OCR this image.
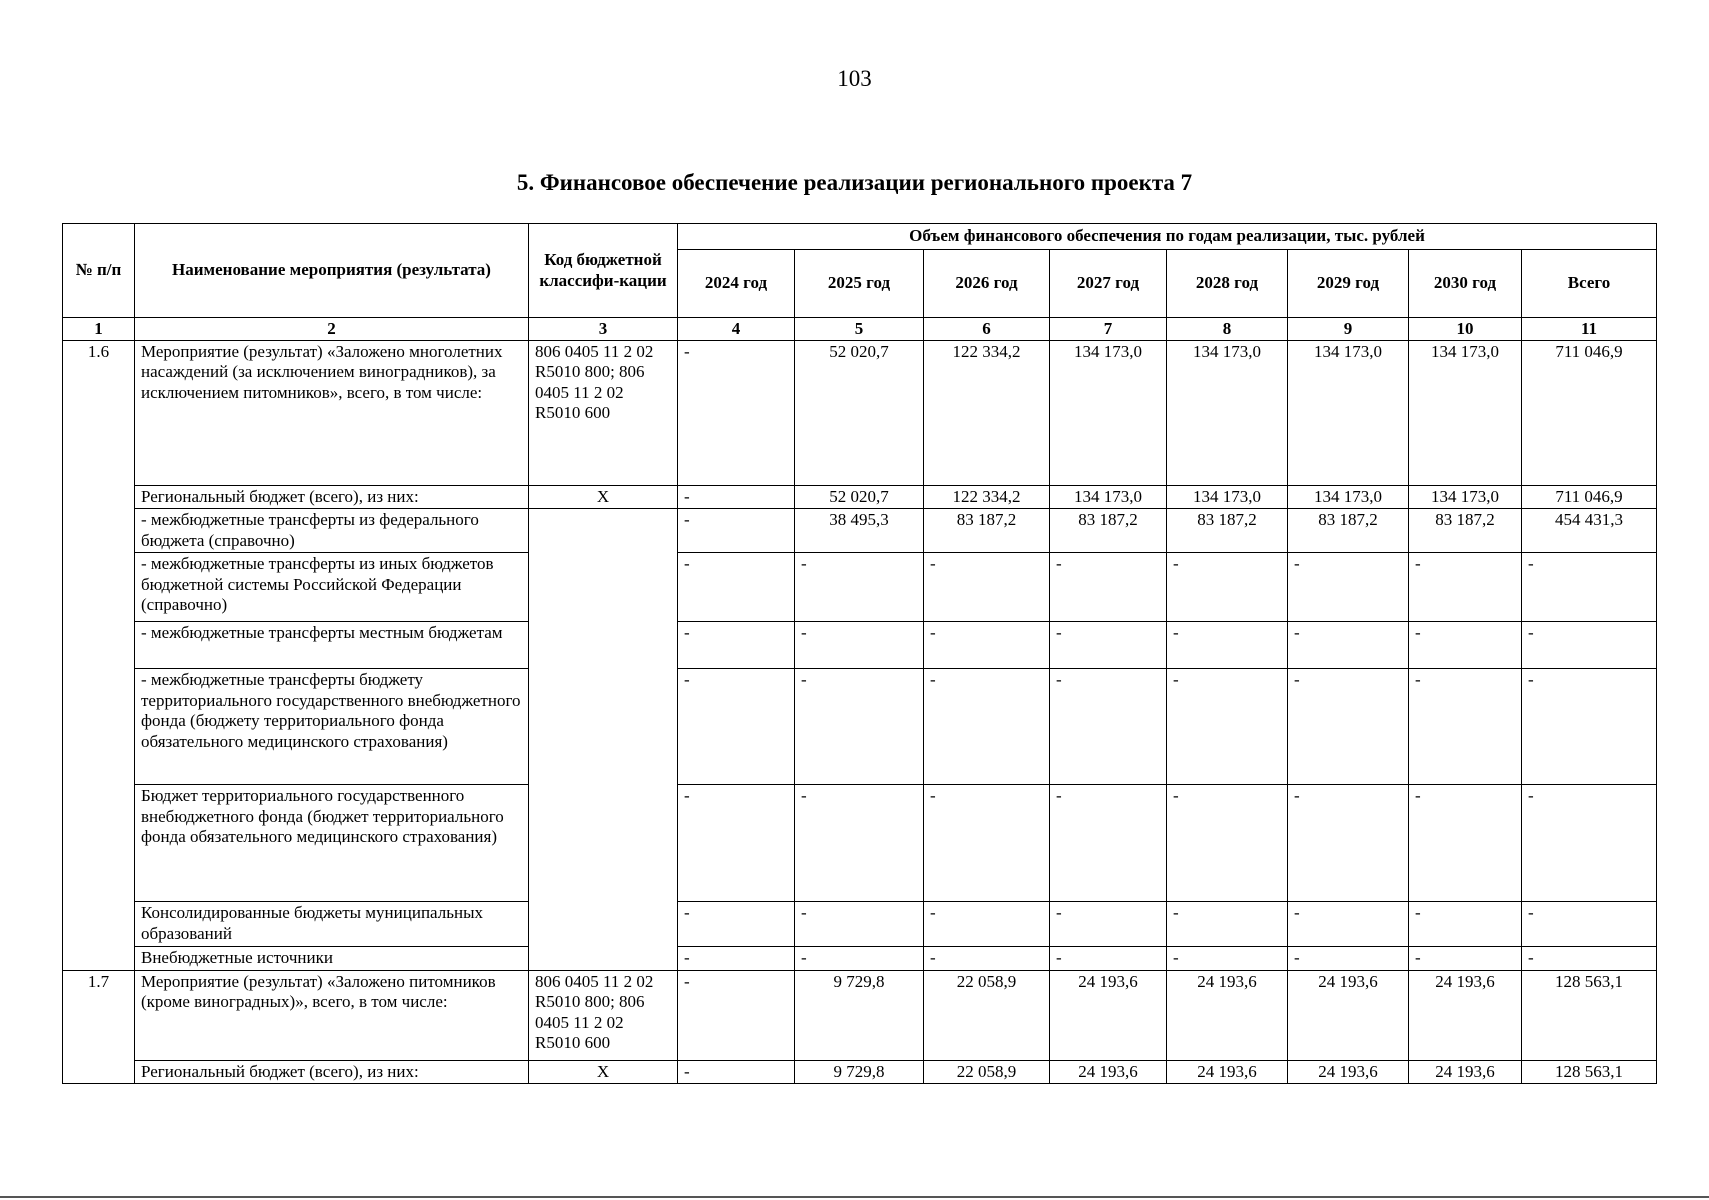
103
5. Финансовое обеспечение реализации регионального проекта 7
№ п/п	Наименование мероприятия (результата)	Код бюджетной классифи-кации	Объем финансового обеспечения по годам реализации, тыс. рублей							
			2024 год	2025 год	2026 год	2027 год	2028 год	2029 год	2030 год	Всего
1	2	3	4	5	6	7	8	9	10	11
1.6	Мероприятие (результат) «Заложено многолетних насаждений (за исключением виноградников), за исключением питомников», всего, в том числе:	806 0405 11 2 02 R5010 800; 806 0405 11 2 02 R5010 600	-	52 020,7	122 334,2	134 173,0	134 173,0	134 173,0	134 173,0	711 046,9
	Региональный бюджет (всего), из них:	X	-	52 020,7	122 334,2	134 173,0	134 173,0	134 173,0	134 173,0	711 046,9
	- межбюджетные трансферты из федерального бюджета (справочно)		-	38 495,3	83 187,2	83 187,2	83 187,2	83 187,2	83 187,2	454 431,3
	- межбюджетные трансферты из иных бюджетов бюджетной системы Российской Федерации (справочно)		-	-	-	-	-	-	-	-
	- межбюджетные трансферты местным бюджетам		-	-	-	-	-	-	-	-
	- межбюджетные трансферты бюджету территориального государственного внебюджетного фонда (бюджету территориального фонда обязательного медицинского страхования)		-	-	-	-	-	-	-	-
	Бюджет территориального государственного внебюджетного фонда (бюджет территориального фонда обязательного медицинского страхования)		-	-	-	-	-	-	-	-
	Консолидированные бюджеты муниципальных образований		-	-	-	-	-	-	-	-
	Внебюджетные источники		-	-	-	-	-	-	-	-
1.7	Мероприятие (результат) «Заложено питомников (кроме виноградных)», всего, в том числе:	806 0405 11 2 02 R5010 800; 806 0405 11 2 02 R5010 600	-	9 729,8	22 058,9	24 193,6	24 193,6	24 193,6	24 193,6	128 563,1
	Региональный бюджет (всего), из них:	X	-	9 729,8	22 058,9	24 193,6	24 193,6	24 193,6	24 193,6	128 563,1
